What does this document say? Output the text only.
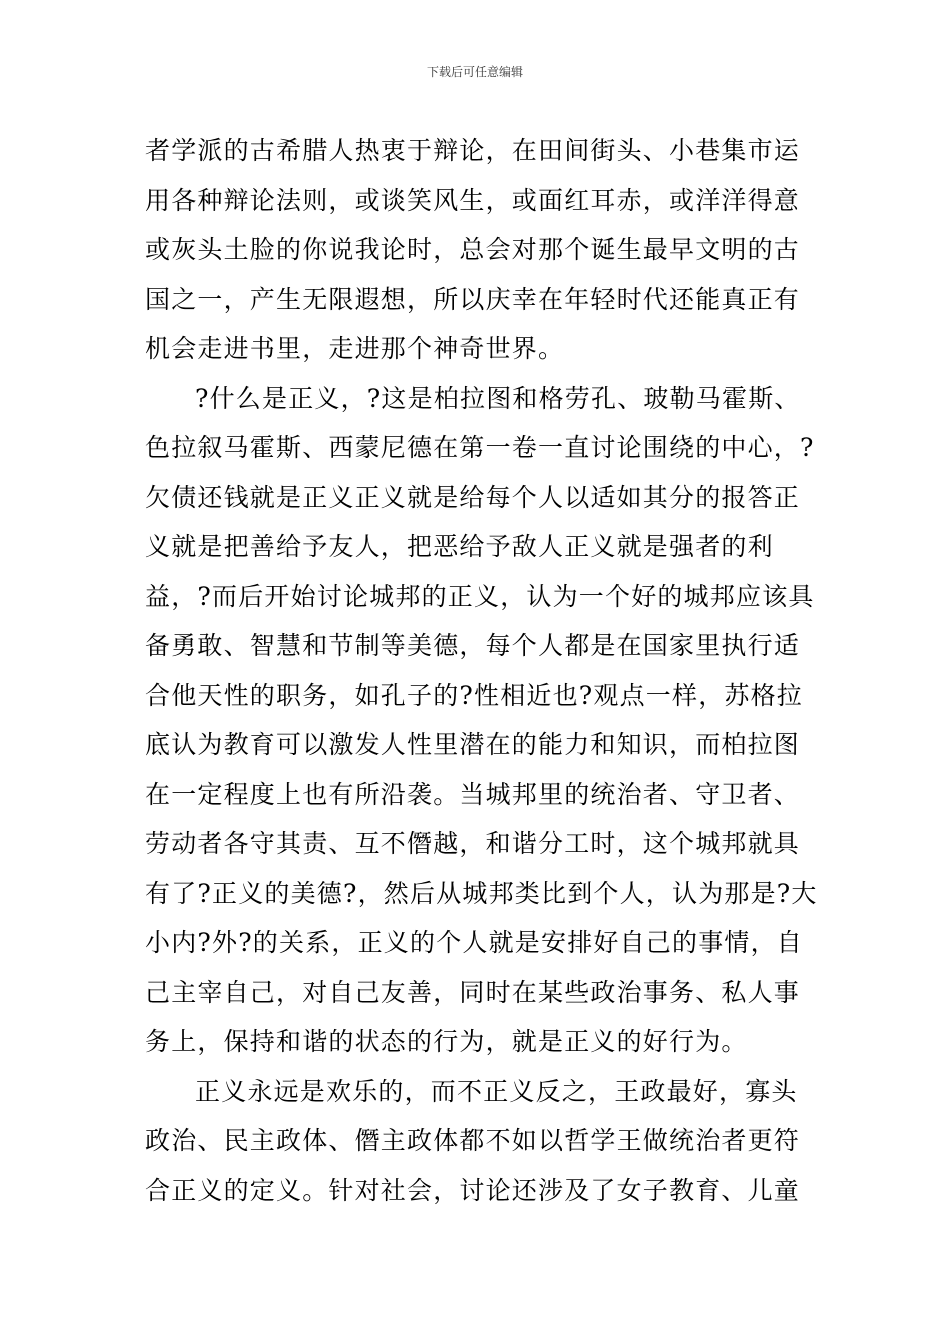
下载后可任意编辑
者学派的古希腊人热衷于辩论，在田间街头、小巷集市运
用各种辩论法则，或谈笑风生，或面红耳赤，或洋洋得意
或灰头土脸的你说我论时，总会对那个诞生最早文明的古
国之一，产生无限遐想，所以庆幸在年轻时代还能真正有
机会走进书里，走进那个神奇世界。
?什么是正义，?这是柏拉图和格劳孔、玻勒马霍斯、
色拉叙马霍斯、西蒙尼德在第一卷一直讨论围绕的中心，?
欠债还钱就是正义正义就是给每个人以适如其分的报答正
义就是把善给予友人，把恶给予敌人正义就是强者的利
益，?而后开始讨论城邦的正义，认为一个好的城邦应该具
备勇敢、智慧和节制等美德，每个人都是在国家里执行适
合他天性的职务，如孔子的?性相近也?观点一样，苏格拉
底认为教育可以激发人性里潜在的能力和知识，而柏拉图
在一定程度上也有所沿袭。当城邦里的统治者、守卫者、
劳动者各守其责、互不僭越，和谐分工时，这个城邦就具
有了?正义的美德?，然后从城邦类比到个人，认为那是?大
小内?外?的关系，正义的个人就是安排好自己的事情，自
己主宰自己，对自己友善，同时在某些政治事务、私人事
务上，保持和谐的状态的行为，就是正义的好行为。
正义永远是欢乐的，而不正义反之，王政最好，寡头
政治、民主政体、僭主政体都不如以哲学王做统治者更符
合正义的定义。针对社会，讨论还涉及了女子教育、儿童
